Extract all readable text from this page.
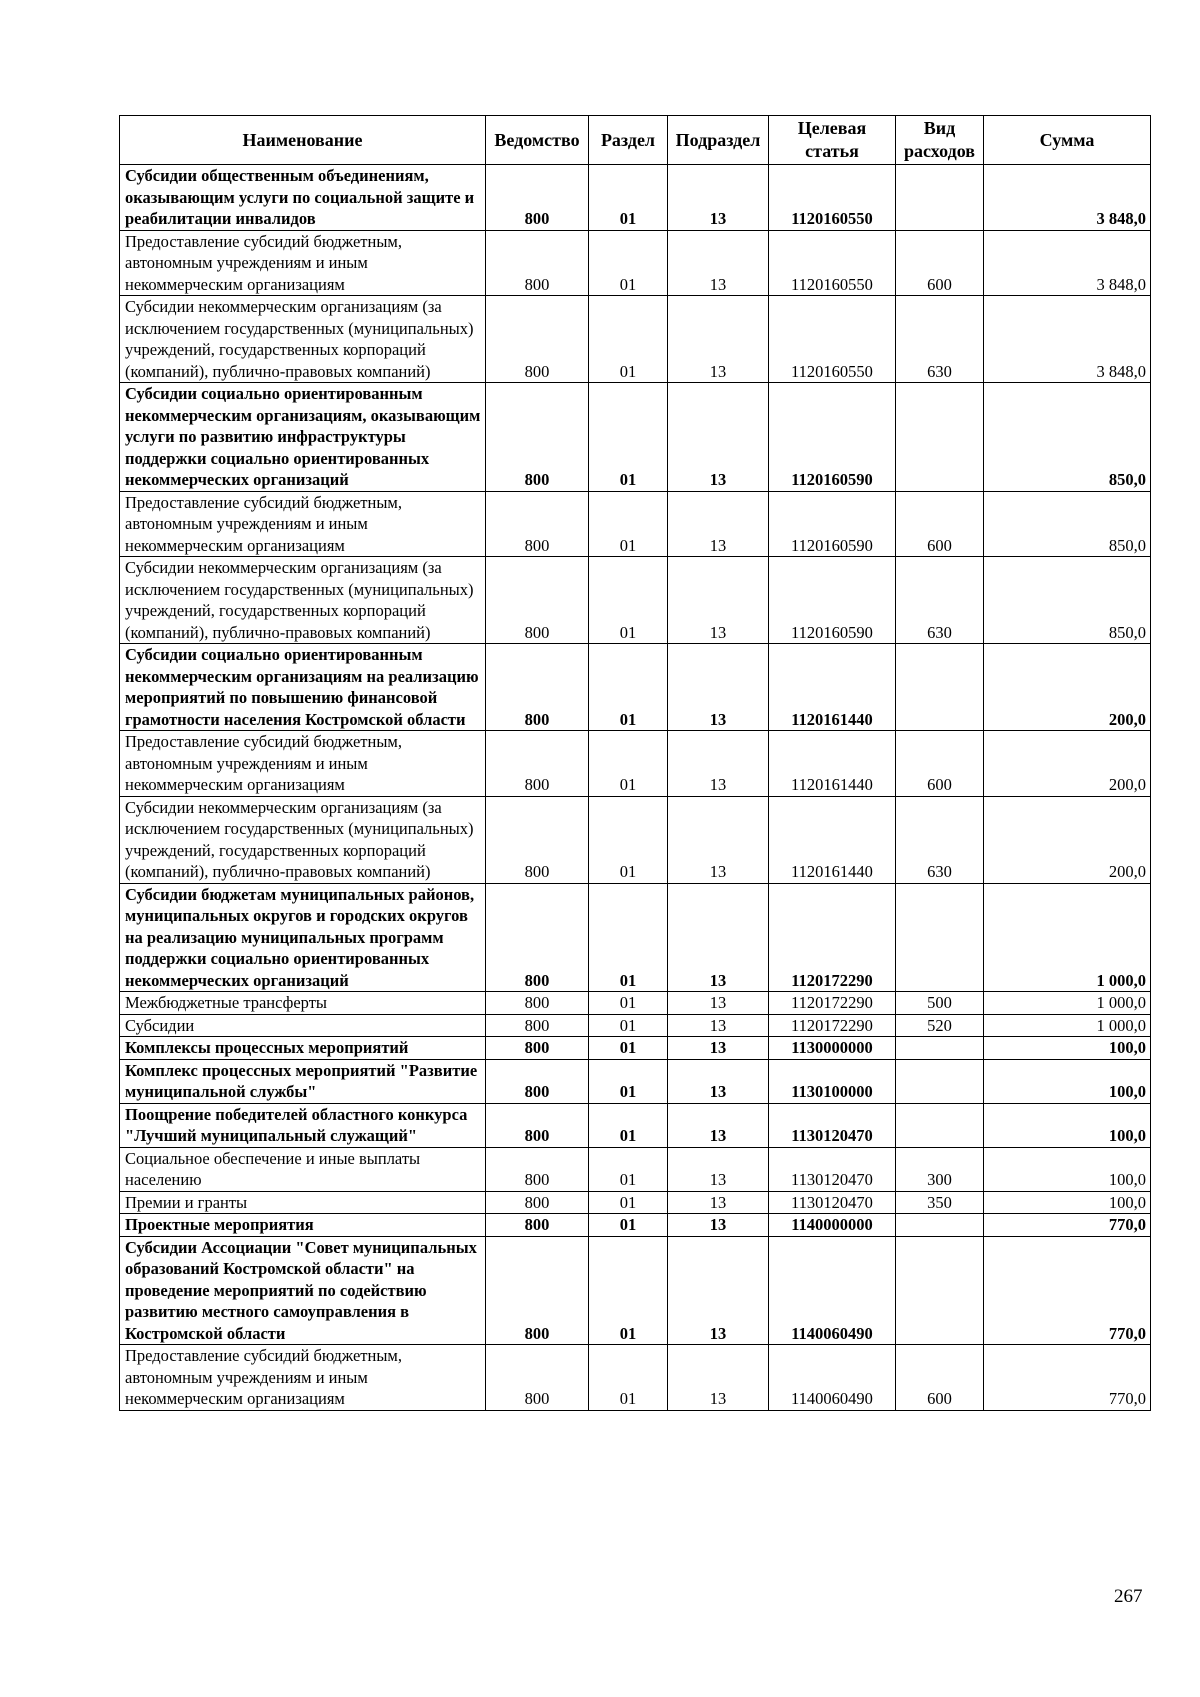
Наименование	Ведомство	Раздел	Подраздел	Целевая статья	Вид расходов	Сумма
Субсидии общественным объединениям, оказывающим услуги по социальной защите и реабилитации инвалидов	800	01	13	1120160550		3 848,0
Предоставление субсидий бюджетным, автономным учреждениям и иным некоммерческим организациям	800	01	13	1120160550	600	3 848,0
Субсидии некоммерческим организациям (за исключением государственных (муниципальных) учреждений, государственных корпораций (компаний), публично-правовых компаний)	800	01	13	1120160550	630	3 848,0
Субсидии социально ориентированным некоммерческим организациям, оказывающим услуги по развитию инфраструктуры поддержки социально ориентированных некоммерческих организаций	800	01	13	1120160590		850,0
Предоставление субсидий бюджетным, автономным учреждениям и иным некоммерческим организациям	800	01	13	1120160590	600	850,0
Субсидии некоммерческим организациям (за исключением государственных (муниципальных) учреждений, государственных корпораций (компаний), публично-правовых компаний)	800	01	13	1120160590	630	850,0
Субсидии социально ориентированным некоммерческим организациям на реализацию мероприятий по повышению финансовой грамотности населения Костромской области	800	01	13	1120161440		200,0
Предоставление субсидий бюджетным, автономным учреждениям и иным некоммерческим организациям	800	01	13	1120161440	600	200,0
Субсидии некоммерческим организациям (за исключением государственных (муниципальных) учреждений, государственных корпораций (компаний), публично-правовых компаний)	800	01	13	1120161440	630	200,0
Субсидии бюджетам муниципальных районов, муниципальных округов и городских округов на реализацию муниципальных программ поддержки социально ориентированных некоммерческих организаций	800	01	13	1120172290		1 000,0
Межбюджетные трансферты	800	01	13	1120172290	500	1 000,0
Субсидии	800	01	13	1120172290	520	1 000,0
Комплексы процессных мероприятий	800	01	13	1130000000		100,0
Комплекс процессных мероприятий "Развитие муниципальной службы"	800	01	13	1130100000		100,0
Поощрение победителей областного конкурса "Лучший муниципальный служащий"	800	01	13	1130120470		100,0
Социальное обеспечение и иные выплаты населению	800	01	13	1130120470	300	100,0
Премии и гранты	800	01	13	1130120470	350	100,0
Проектные мероприятия	800	01	13	1140000000		770,0
Субсидии Ассоциации "Совет муниципальных образований Костромской области" на проведение мероприятий по содействию развитию местного самоуправления в Костромской области	800	01	13	1140060490		770,0
Предоставление субсидий бюджетным, автономным учреждениям и иным некоммерческим организациям	800	01	13	1140060490	600	770,0
267
